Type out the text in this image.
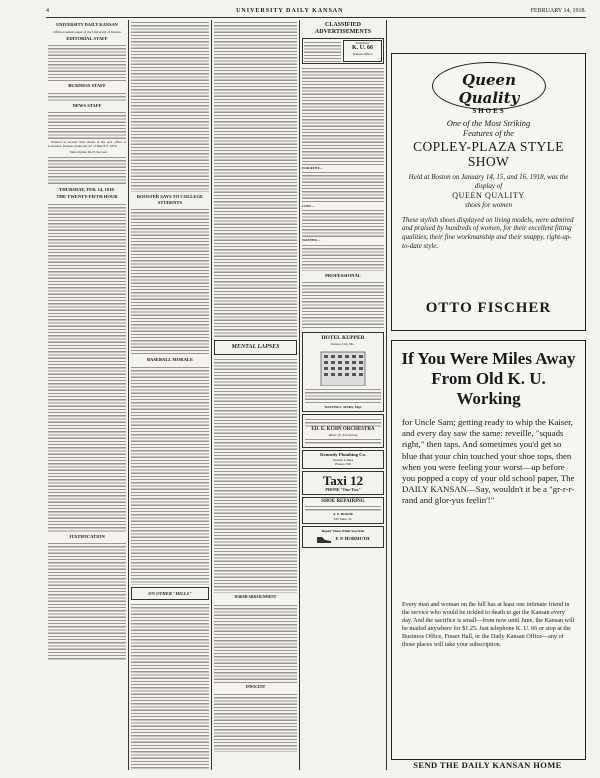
4	UNIVERSITY DAILY KANSAN	FEBRUARY 14, 1918.
UNIVERSITY DAILY KANSAN
Official student paper of the University of Kansas
EDITORIAL STAFF
BUSINESS STAFF
NEWS STAFF

Entered as second class matter at the post office at Lawrence, Kansas, under the act of March 3, 1879.

Subscription $2.25 the year

THURSDAY, FEB. 14, 1918.
THE TWENTY-FIFTH HOUR
JUSTIFICATION
BOOSTER SAYS TO COLLEGE STUDENTS
BASEBALL MORALE
ON OTHER "HILLS"
MENTAL LAPSES
HARSH ARRAIGNMENT
INNOCENT
CLASSIFIED ADVERTISEMENTS
Telephone
K. U. 66
Kansan Office
FOR RENT—
LOST—
WANTED—
PROFESSIONAL
HOTEL KUPPER
Kansas City, Mo.
WALTER S. MARS, Mgr.
ED. E. KUHN ORCHESTRA
Music for Everything
Kennedy Plumbing Co.
Student Lamps
Phones 568
Taxi 12
PHONE "One-Two"
SHOE REPAIRING
A. E. BOONE
930 Mass. St.
Repair Them While You Wait
F. P. HORMUTH
Queen Quality
SHOES
One of the Most Striking
Features of the
COPLEY-PLAZA STYLE SHOW
Held at Boston on January 14, 15, and 16, 1918, was the display of
QUEEN QUALITY
shoes for women
These stylish shoes displayed on living models, were admired and praised by hundreds of women, for their excellent fitting qualities, their fine workmanship and their snappy, right-up-to-date style.
OTTO FISCHER
If You Were Miles Away From Old K. U. Working
for Uncle Sam; getting ready to whip the Kaiser, and every day saw the same: reveille, "squads right," then taps. And sometimes you'd get so blue that your chin touched your shoe tops, then when you were feeling your worst—up before you popped a copy of your old school paper, The DAILY KANSAN—Say, wouldn't it be a "gr-r-r-rand and glor-yus feelin'!"
Every man and woman on the hill has at least one intimate friend in the service who would be tickled to death to get the Kansan every day. And the sacrifice is small—from now until June, the Kansan will be mailed anywhere for $1.25. Just telephone K. U. 66 or stop at the Business Office, Fraser Hall, or the Daily Kansan Office—any of those places will take your subscription.
SEND THE DAILY KANSAN HOME
